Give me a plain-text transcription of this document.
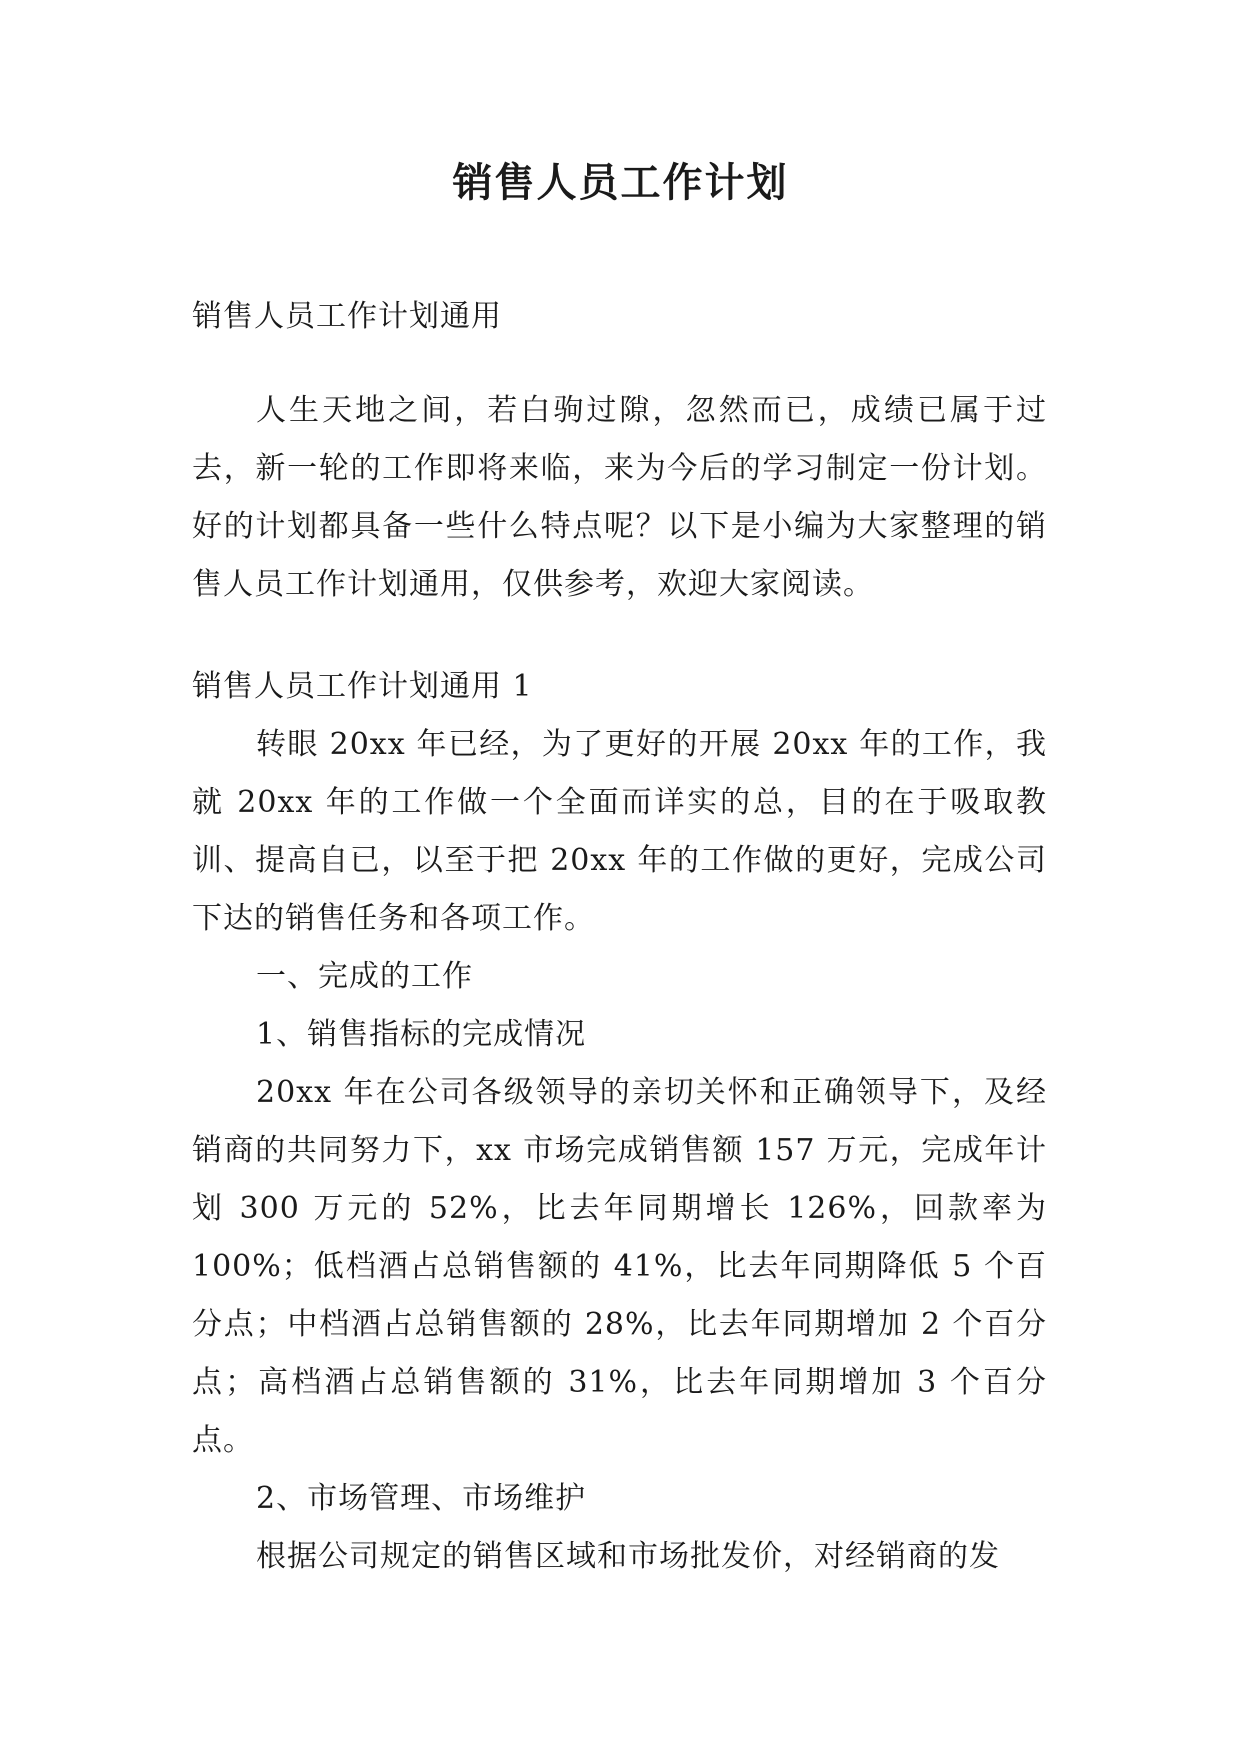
销售人员工作计划

销售人员工作计划通用

人生天地之间，若白驹过隙，忽然而已，成绩已属于过去，新一轮的工作即将来临，来为今后的学习制定一份计划。好的计划都具备一些什么特点呢？以下是小编为大家整理的销售人员工作计划通用，仅供参考，欢迎大家阅读。

销售人员工作计划通用 1

转眼 20xx 年已经，为了更好的开展 20xx 年的工作，我就 20xx 年的工作做一个全面而详实的总，目的在于吸取教训、提高自已，以至于把 20xx 年的工作做的更好，完成公司下达的销售任务和各项工作。

一、完成的工作

1、销售指标的完成情况

20xx 年在公司各级领导的亲切关怀和正确领导下，及经销商的共同努力下，xx 市场完成销售额 157 万元，完成年计划 300 万元的 52%，比去年同期增长 126%，回款率为 100%；低档酒占总销售额的 41%，比去年同期降低 5 个百分点；中档酒占总销售额的 28%，比去年同期增加 2 个百分点；高档酒占总销售额的 31%，比去年同期增加 3 个百分点。

2、市场管理、市场维护

根据公司规定的销售区域和市场批发价，对经销商的发
